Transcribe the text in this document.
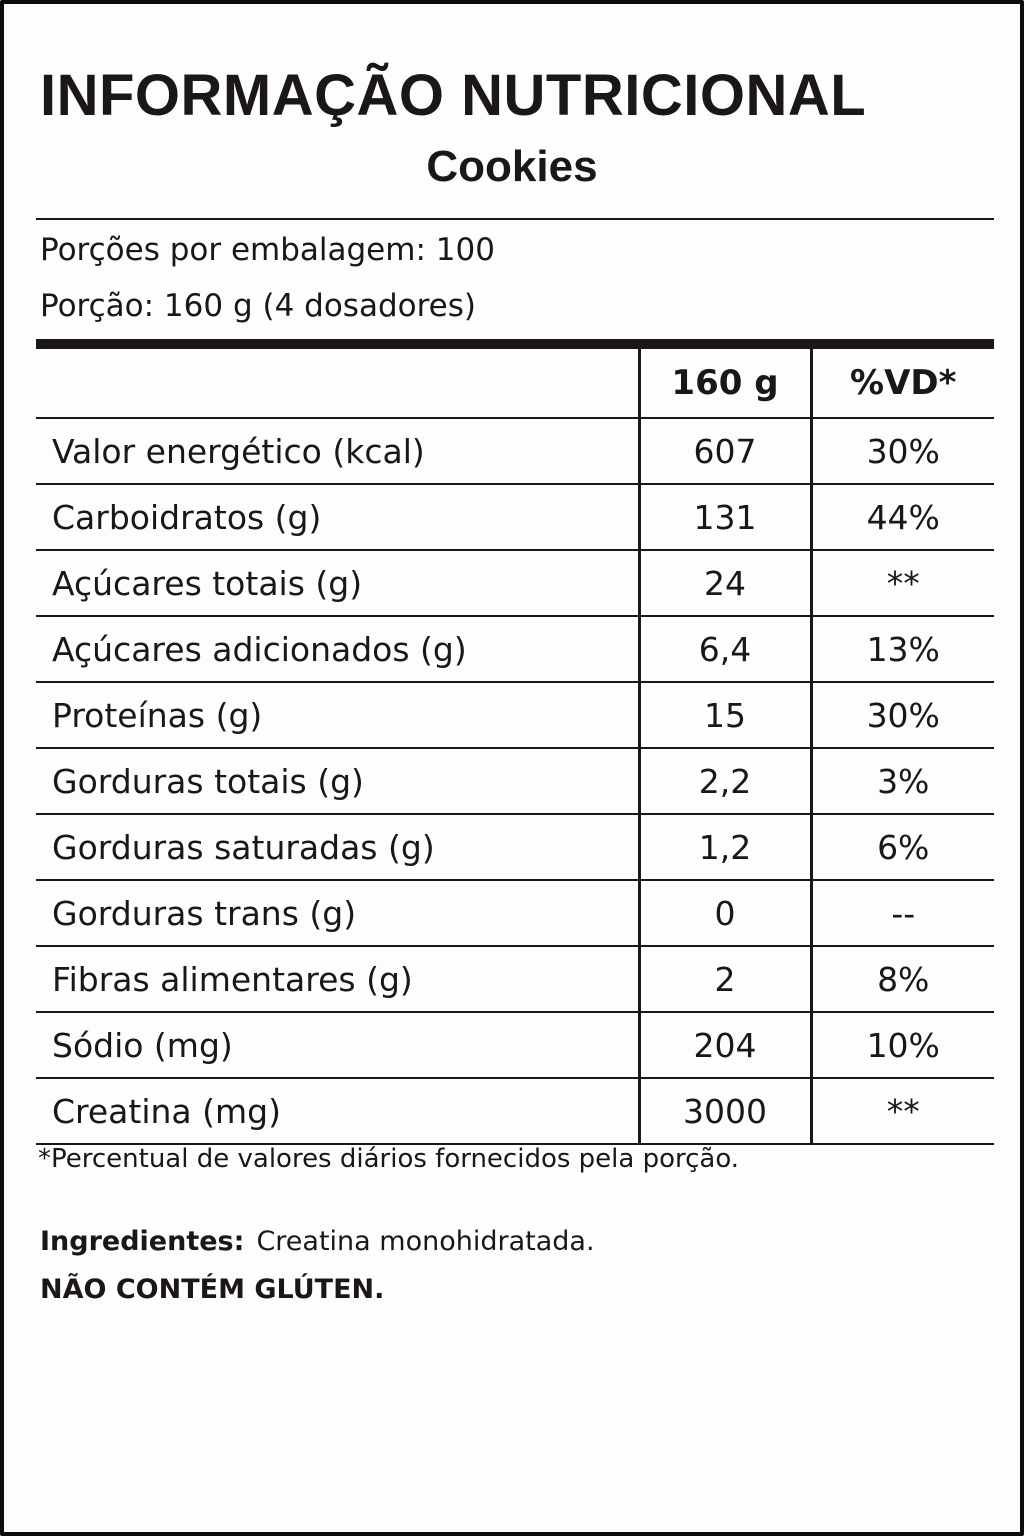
INFORMAÇÃO NUTRICIONAL
Cookies
Porções por embalagem: 100
Porção: 160 g (4 dosadores)
	160 g	%VD*
Valor energético (kcal)	607	30%
Carboidratos (g)	131	44%
Açúcares totais (g)	24	**
Açúcares adicionados (g)	6,4	13%
Proteínas (g)	15	30%
Gorduras totais (g)	2,2	3%
Gorduras saturadas (g)	1,2	6%
Gorduras trans (g)	0	--
Fibras alimentares (g)	2	8%
Sódio (mg)	204	10%
Creatina (mg)	3000	**
*Percentual de valores diários fornecidos pela porção.
Ingredientes: Creatina monohidratada.
NÃO CONTÉM GLÚTEN.
